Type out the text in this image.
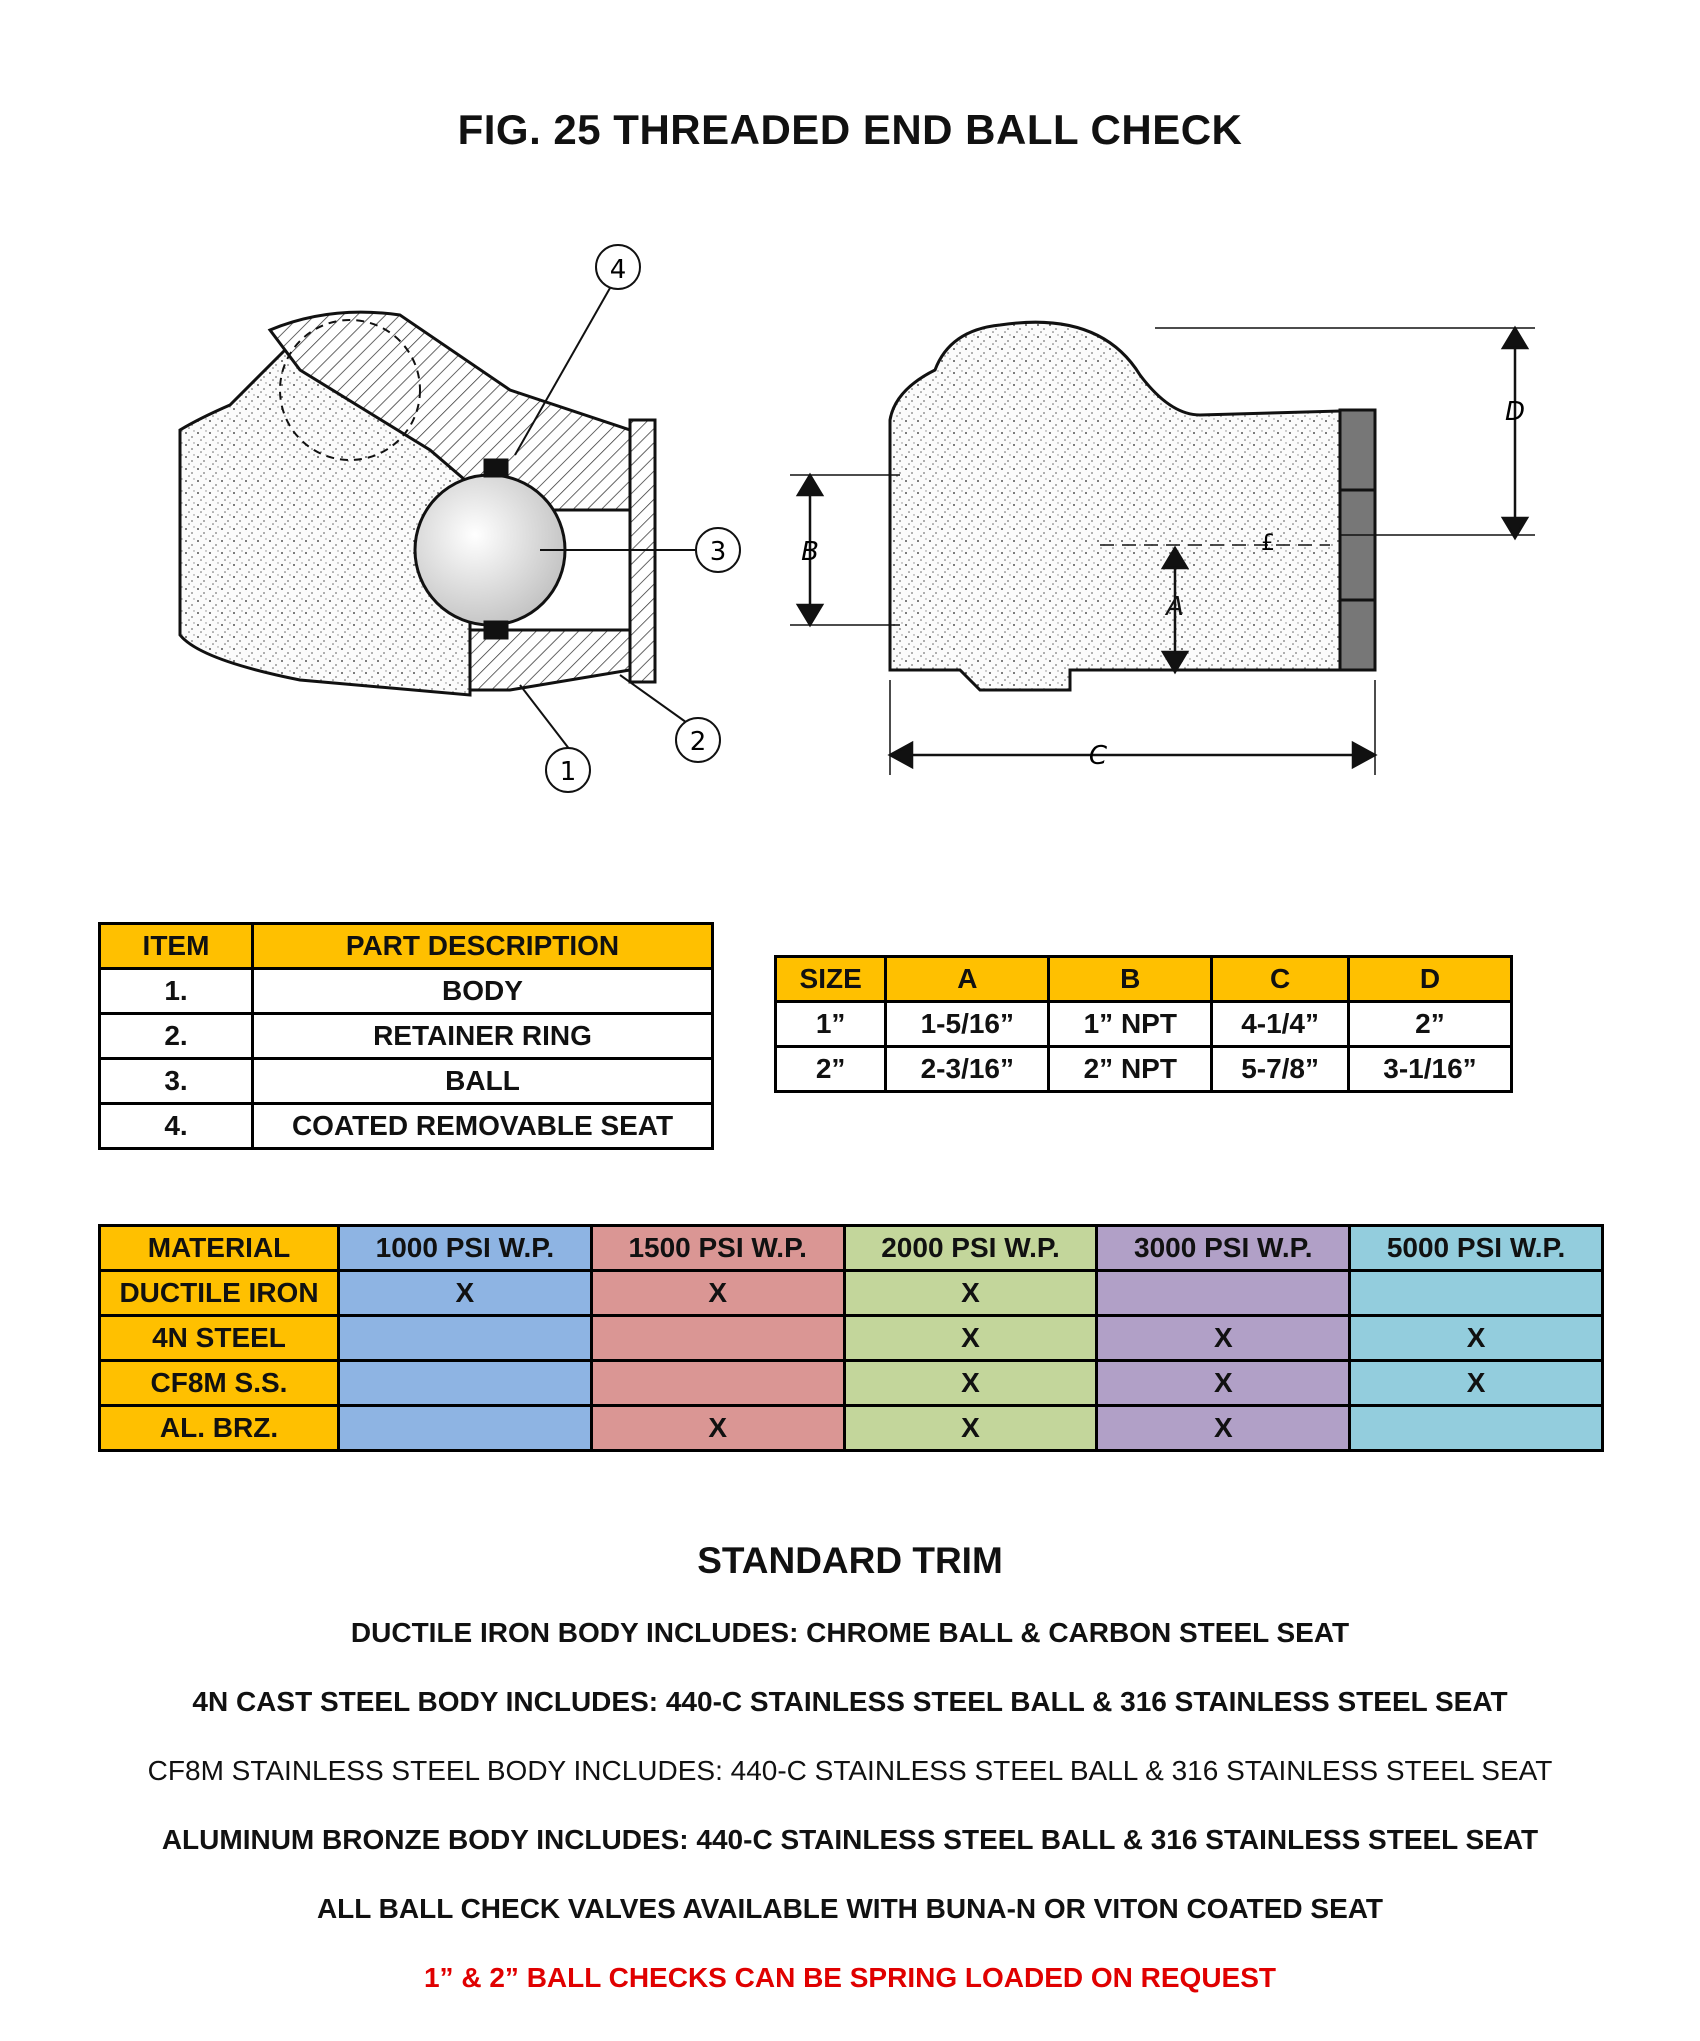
FIG. 25 THREADED END BALL CHECK
4
3
2
1
B
A
C
D
£
ITEM	PART DESCRIPTION
1.	BODY
2.	RETAINER RING
3.	BALL
4.	COATED REMOVABLE SEAT
SIZE	A	B	C	D
1”	1-5/16”	1” NPT	4-1/4”	2”
2”	2-3/16”	2” NPT	5-7/8”	3-1/16”
MATERIAL	1000 PSI W.P.	1500 PSI W.P.	2000 PSI W.P.	3000 PSI W.P.	5000 PSI W.P.
DUCTILE IRON	X	X	X		
4N STEEL			X	X	X
CF8M S.S.			X	X	X
AL. BRZ.		X	X	X	
STANDARD TRIM
DUCTILE IRON BODY INCLUDES: CHROME BALL & CARBON STEEL SEAT
4N CAST STEEL BODY INCLUDES: 440-C STAINLESS STEEL BALL & 316 STAINLESS STEEL SEAT
CF8M STAINLESS STEEL BODY INCLUDES: 440-C STAINLESS STEEL BALL & 316 STAINLESS STEEL SEAT
ALUMINUM BRONZE BODY INCLUDES: 440-C STAINLESS STEEL BALL & 316 STAINLESS STEEL SEAT
ALL BALL CHECK VALVES AVAILABLE WITH BUNA-N OR VITON COATED SEAT
1” & 2” BALL CHECKS CAN BE SPRING LOADED ON REQUEST
